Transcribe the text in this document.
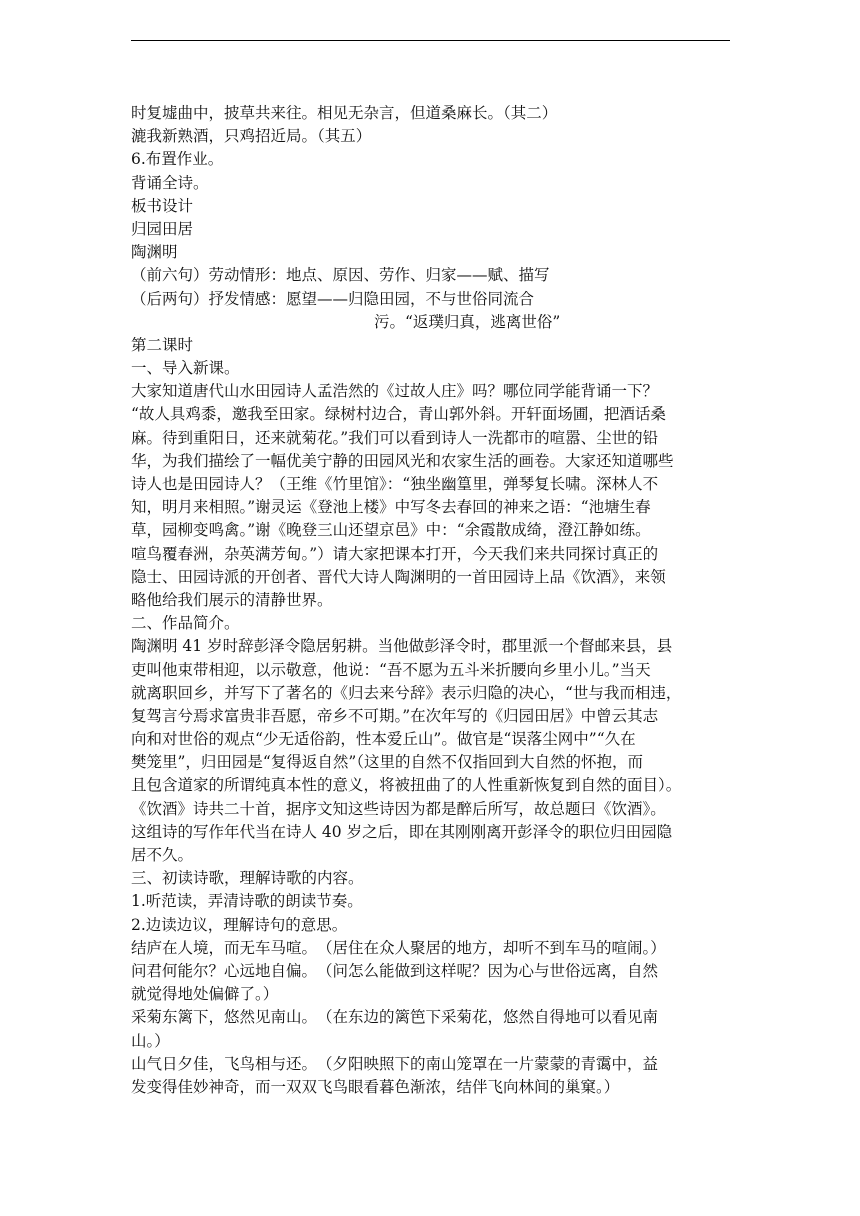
时复墟曲中，披草共来往。相见无杂言，但道桑麻长。（其二）
漉我新熟酒，只鸡招近局。（其五）
6.布置作业。
背诵全诗。
板书设计
归园田居
陶渊明
（前六句）劳动情形：地点、原因、劳作、归家——赋、描写
（后两句）抒发情感：愿望——归隐田园，不与世俗同流合
污。“返璞归真，逃离世俗”
第二课时
一、导入新课。
大家知道唐代山水田园诗人孟浩然的《过故人庄》吗？哪位同学能背诵一下？
“故人具鸡黍，邀我至田家。绿树村边合，青山郭外斜。开轩面场圃，把酒话桑
麻。待到重阳日，还来就菊花。”我们可以看到诗人一洗都市的喧嚣、尘世的铅
华，为我们描绘了一幅优美宁静的田园风光和农家生活的画卷。大家还知道哪些
诗人也是田园诗人？（王维《竹里馆》：“独坐幽篁里，弹琴复长啸。深林人不
知，明月来相照。”谢灵运《登池上楼》中写冬去春回的神来之语：“池塘生春
草，园柳变鸣禽。”谢《晚登三山还望京邑》中：“余霞散成绮，澄江静如练。
喧鸟覆春洲，杂英满芳甸。”）请大家把课本打开，今天我们来共同探讨真正的
隐士、田园诗派的开创者、晋代大诗人陶渊明的一首田园诗上品《饮酒》，来领
略他给我们展示的清静世界。
二、作品简介。
陶渊明 41 岁时辞彭泽令隐居躬耕。当他做彭泽令时，郡里派一个督邮来县，县
吏叫他束带相迎，以示敬意，他说：“吾不愿为五斗米折腰向乡里小儿。”当天
就离职回乡，并写下了著名的《归去来兮辞》表示归隐的决心，“世与我而相违，
复驾言兮焉求富贵非吾愿，帝乡不可期。”在次年写的《归园田居》中曾云其志
向和对世俗的观点“少无适俗韵，性本爱丘山”。做官是“误落尘网中”“久在
樊笼里”，归田园是“复得返自然”（这里的自然不仅指回到大自然的怀抱，而
且包含道家的所谓纯真本性的意义，将被扭曲了的人性重新恢复到自然的面目）。
《饮酒》诗共二十首，据序文知这些诗因为都是醉后所写，故总题曰《饮酒》。
这组诗的写作年代当在诗人 40 岁之后，即在其刚刚离开彭泽令的职位归田园隐
居不久。
三、初读诗歌，理解诗歌的内容。
1.听范读，弄清诗歌的朗读节奏。
2.边读边议，理解诗句的意思。
结庐在人境，而无车马喧。　（居住在众人聚居的地方，却听不到车马的喧闹。）
问君何能尔？心远地自偏。　（问怎么能做到这样呢？因为心与世俗远离，自然
就觉得地处偏僻了。）
采菊东篱下，悠然见南山。　（在东边的篱笆下采菊花，悠然自得地可以看见南
山。）
山气日夕佳，飞鸟相与还。　（夕阳映照下的南山笼罩在一片蒙蒙的青霭中，益
发变得佳妙神奇，而一双双飞鸟眼看暮色渐浓，结伴飞向林间的巢窠。）
